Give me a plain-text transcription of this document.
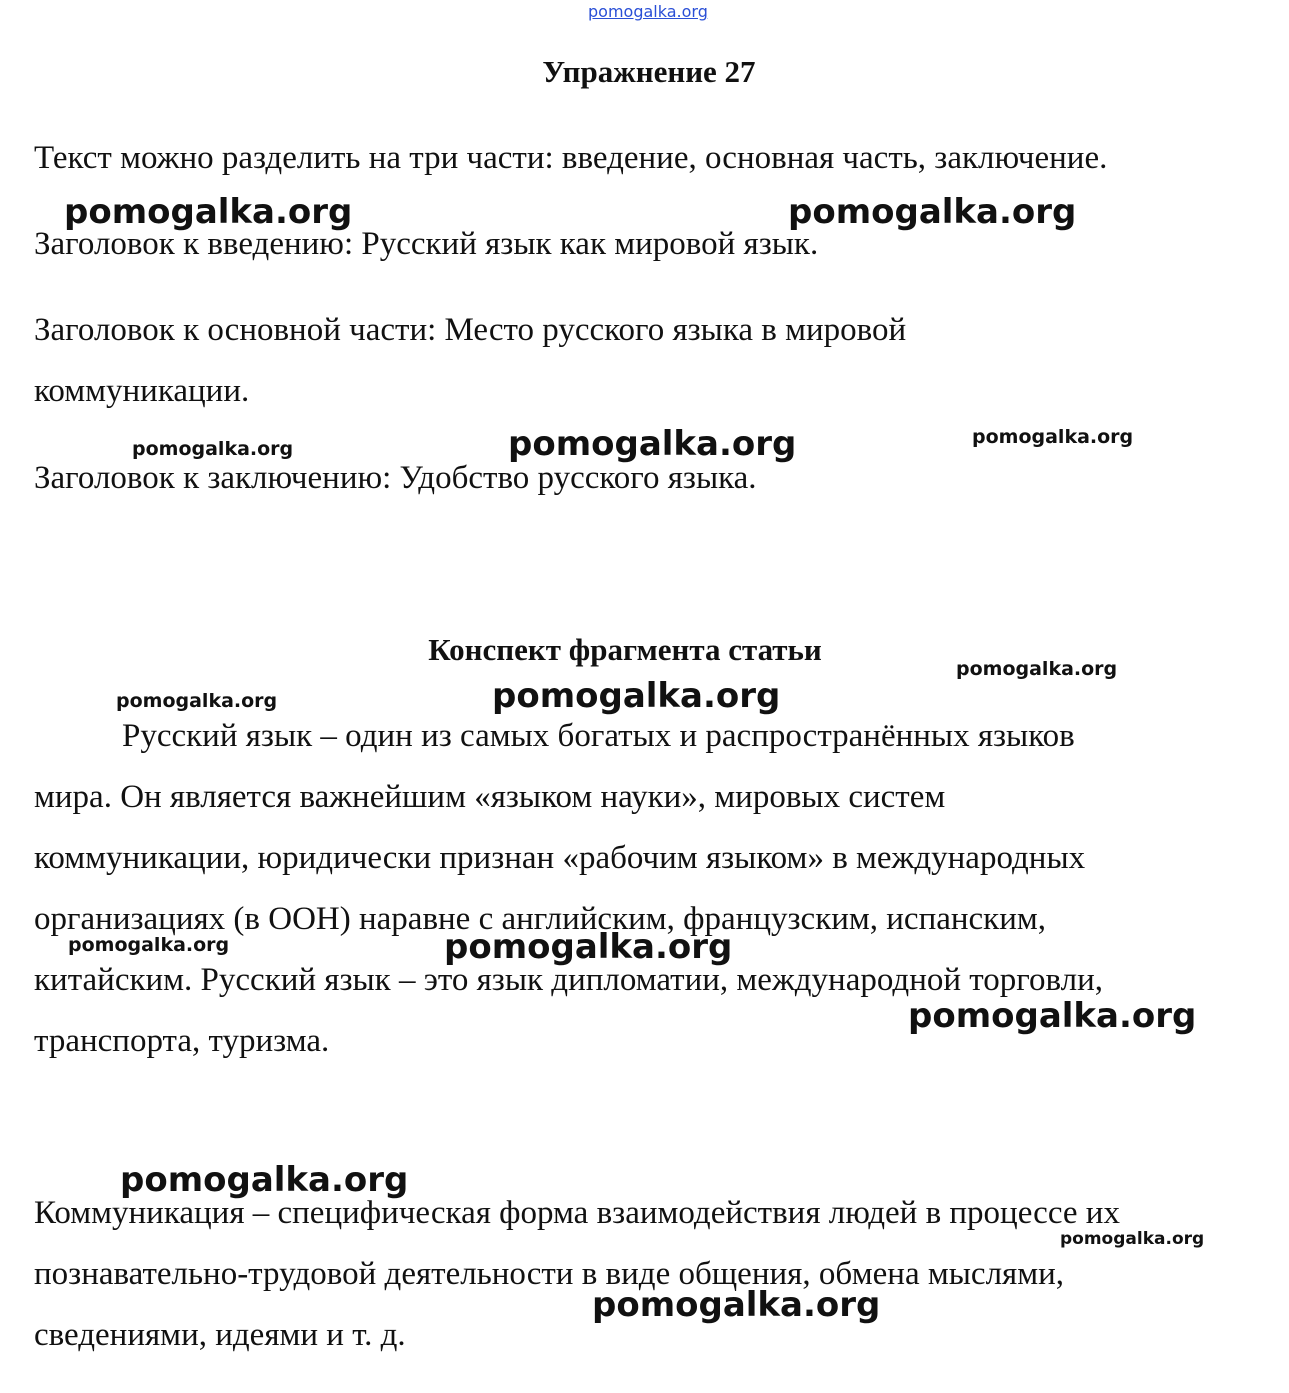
pomogalka.org
Упражнение 27
Текст можно разделить на три части: введение, основная часть, заключение.
Заголовок к введению: Русский язык как мировой язык.
Заголовок к основной части: Место русского языка в мировой
коммуникации.
Заголовок к заключению: Удобство русского языка.
Конспект фрагмента статьи
Русский язык – один из самых богатых и распространённых языков
мира. Он является важнейшим «языком науки», мировых систем
коммуникации, юридически признан «рабочим языком» в международных
организациях (в ООН) наравне с английским, французским, испанским,
китайским. Русский язык – это язык дипломатии, международной торговли,
транспорта, туризма.
Коммуникация – специфическая форма взаимодействия людей в процессе их
познавательно-трудовой деятельности в виде общения, обмена мыслями,
сведениями, идеями и т. д.
pomogalka.org	pomogalka.org
pomogalka.org	pomogalka.org	pomogalka.org
pomogalka.org
pomogalka.org	pomogalka.org
pomogalka.org	pomogalka.org
pomogalka.org
pomogalka.org
pomogalka.org
pomogalka.org
